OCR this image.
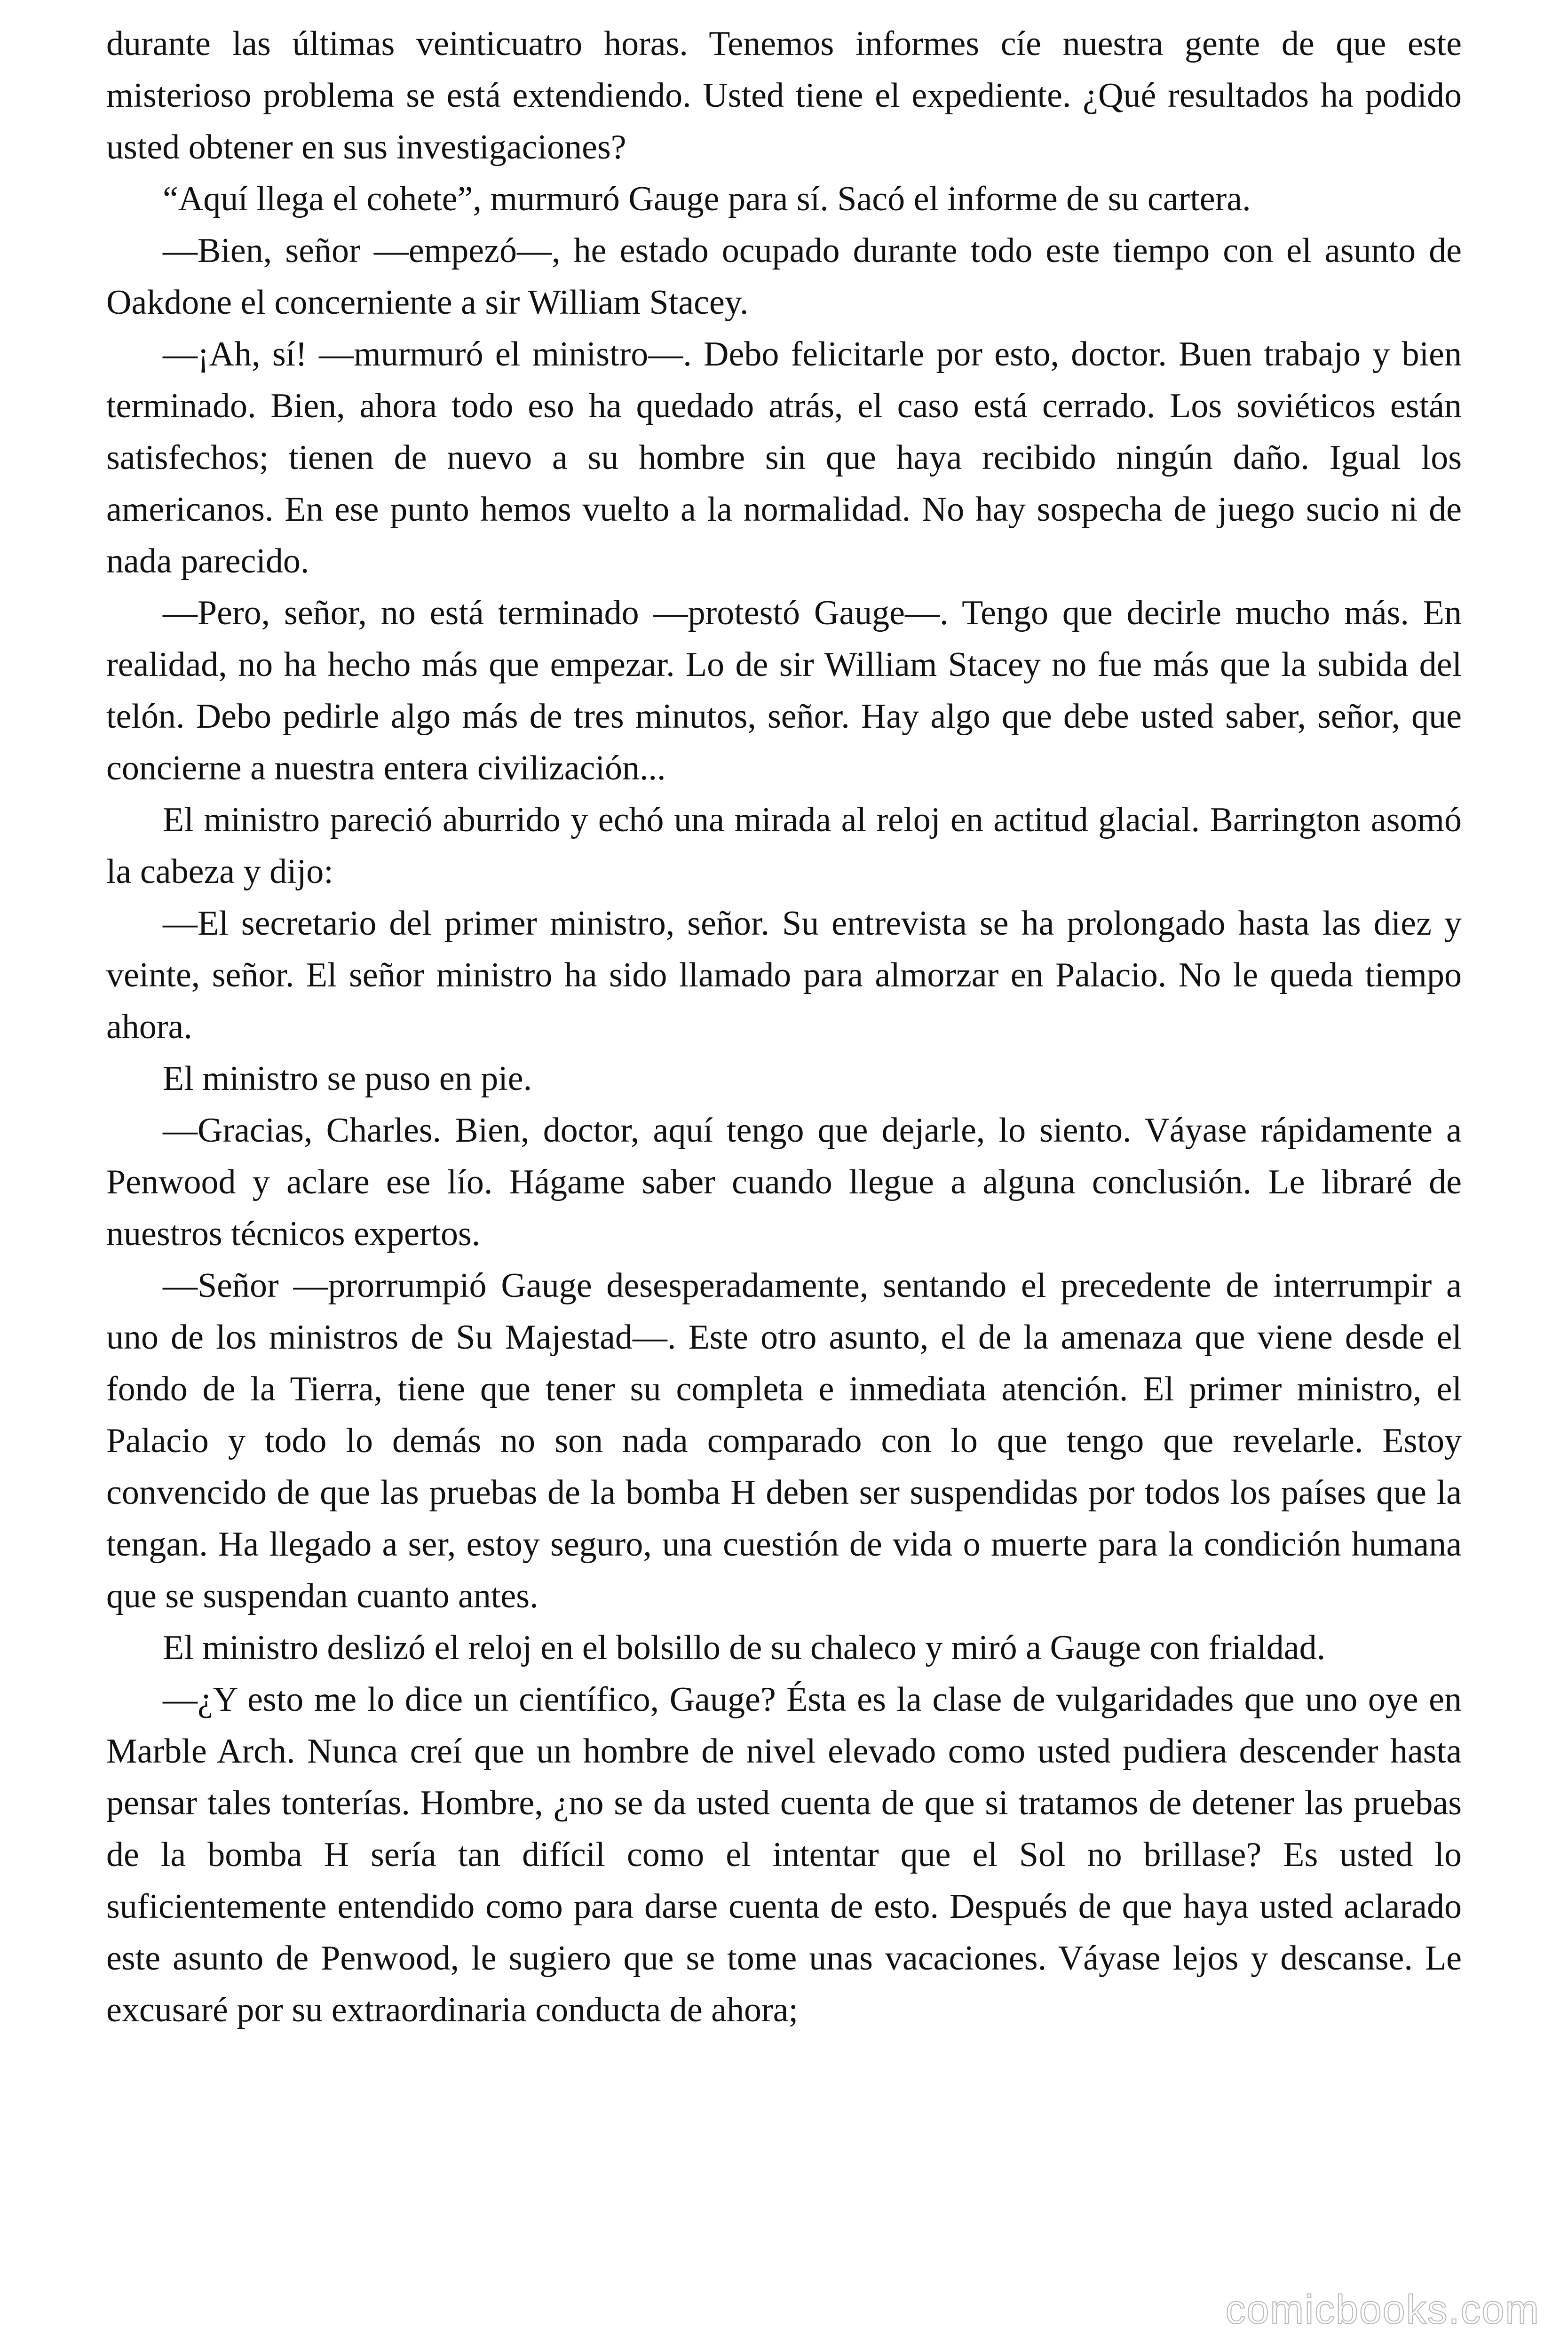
durante las últimas veinticuatro horas. Tenemos informes cíe nuestra gente de que este misterioso problema se está extendiendo. Usted tiene el expediente. ¿Qué resultados ha podido usted obtener en sus investigaciones?

“Aquí llega el cohete”, murmuró Gauge para sí. Sacó el informe de su cartera.

—Bien, señor —empezó—, he estado ocupado durante todo este tiempo con el asunto de Oakdone el concerniente a sir William Stacey.

—¡Ah, sí! —murmuró el ministro—. Debo felicitarle por esto, doctor. Buen trabajo y bien terminado. Bien, ahora todo eso ha quedado atrás, el caso está cerrado. Los soviéticos están satisfechos; tienen de nuevo a su hombre sin que haya recibido ningún daño. Igual los americanos. En ese punto hemos vuelto a la normalidad. No hay sospecha de juego sucio ni de nada parecido.

—Pero, señor, no está terminado —protestó Gauge—. Tengo que decirle mucho más. En realidad, no ha hecho más que empezar. Lo de sir William Stacey no fue más que la subida del telón. Debo pedirle algo más de tres minutos, señor. Hay algo que debe usted saber, señor, que concierne a nuestra entera civilización...

El ministro pareció aburrido y echó una mirada al reloj en actitud glacial. Barrington asomó la cabeza y dijo:

—El secretario del primer ministro, señor. Su entrevista se ha prolongado hasta las diez y veinte, señor. El señor ministro ha sido llamado para almorzar en Palacio. No le queda tiempo ahora.

El ministro se puso en pie.

—Gracias, Charles. Bien, doctor, aquí tengo que dejarle, lo siento. Váyase rápidamente a Penwood y aclare ese lío. Hágame saber cuando llegue a alguna conclusión. Le libraré de nuestros técnicos expertos.

—Señor —prorrumpió Gauge desesperadamente, sentando el precedente de interrumpir a uno de los ministros de Su Majestad—. Este otro asunto, el de la amenaza que viene desde el fondo de la Tierra, tiene que tener su completa e inmediata atención. El primer ministro, el Palacio y todo lo demás no son nada comparado con lo que tengo que revelarle. Estoy convencido de que las pruebas de la bomba H deben ser suspendidas por todos los países que la tengan. Ha llegado a ser, estoy seguro, una cuestión de vida o muerte para la condición humana que se suspendan cuanto antes.

El ministro deslizó el reloj en el bolsillo de su chaleco y miró a Gauge con frialdad.

—¿Y esto me lo dice un científico, Gauge? Ésta es la clase de vulgaridades que uno oye en Marble Arch. Nunca creí que un hombre de nivel elevado como usted pudiera descender hasta pensar tales tonterías. Hombre, ¿no se da usted cuenta de que si tratamos de detener las pruebas de la bomba H sería tan difícil como el intentar que el Sol no brillase? Es usted lo suficientemente entendido como para darse cuenta de esto. Después de que haya usted aclarado este asunto de Penwood, le sugiero que se tome unas vacaciones. Váyase lejos y descanse. Le excusaré por su extraordinaria conducta de ahora;

comicbooks.com
